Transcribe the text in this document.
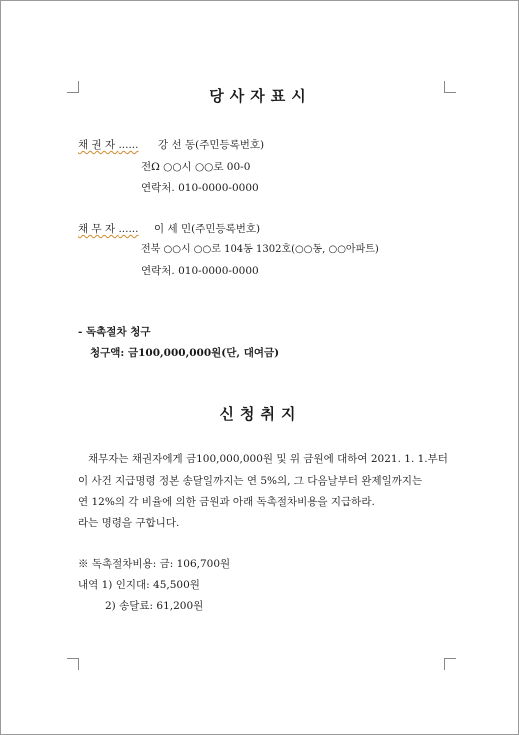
당사자표시
채 권 자 ...... 강 선 동(주민등록번호)
전Ω ○○시 ○○로 00-0
연락처. 010-0000-0000
채 무 자 ...... 이 세 민(주민등록번호)
전북 ○○시 ○○로 104동 1302호(○○동, ○○아파트)
연락처. 010-0000-0000
- 독촉절차 청구
청구액: 금100,000,000원(단, 대여금)
신청취지
채무자는 채권자에게 금100,000,000원 및 위 금원에 대하여 2021. 1. 1.부터
이 사건 지급명령 정본 송달일까지는 연 5%의, 그 다음날부터 완제일까지는
연 12%의 각 비율에 의한 금원과 아래 독촉절차비용을 지급하라.
라는 명령을 구합니다.
※ 독촉절차비용: 금: 106,700원
내역 1) 인지대: 45,500원
2) 송달료: 61,200원
